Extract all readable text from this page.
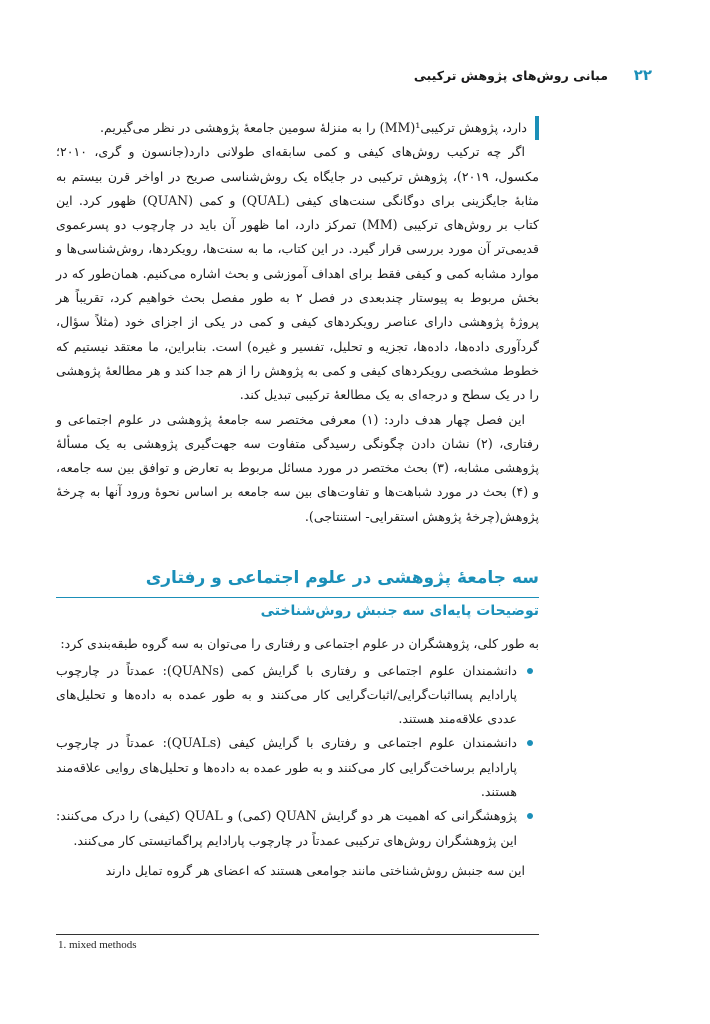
۲۲
مبانی روش‌های پژوهش ترکیبی

دارد، پژوهش ترکیبی¹(MM) را به منزلهٔ سومین جامعهٔ پژوهشی در نظر می‌گیریم.

اگر چه ترکیب روش‌های کیفی و کمی سابقه‌ای طولانی دارد(جانسون و گری، ۲۰۱۰؛ مکسول، ۲۰۱۹)، پژوهش ترکیبی در جایگاه یک روش‌شناسی صریح در اواخر قرن بیستم به مثابهٔ جایگزینی برای دوگانگی سنت‌های کیفی (QUAL) و کمی (QUAN) ظهور کرد. این کتاب بر روش‌های ترکیبی (MM) تمرکز دارد، اما ظهور آن باید در چارچوب دو پسرعموی قدیمی‌تر آن مورد بررسی قرار گیرد. در این کتاب، ما به سنت‌ها، رویکردها، روش‌شناسی‌ها و موارد مشابه کمی و کیفی فقط برای اهداف آموزشی و بحث اشاره می‌کنیم. همان‌طور که در بخش مربوط به پیوستار چندبعدی در فصل ۲ به طور مفصل بحث خواهیم کرد، تقریباً هر پروژهٔ پژوهشی دارای عناصر رویکردهای کیفی و کمی در یکی از اجزای خود (مثلاً سؤال، گردآوری داده‌ها، داده‌ها، تجزیه و تحلیل، تفسیر و غیره) است. بنابراین، ما معتقد نیستیم که خطوط مشخصی رویکردهای کیفی و کمی به پژوهش را از هم جدا کند و هر مطالعهٔ پژوهشی را در یک سطح و درجه‌ای به یک مطالعهٔ ترکیبی تبدیل کند.

این فصل چهار هدف دارد: (۱) معرفی مختصر سه جامعهٔ پژوهشی در علوم اجتماعی و رفتاری، (۲) نشان دادن چگونگی رسیدگی متفاوت سه جهت‌گیری پژوهشی به یک مسألهٔ پژوهشی مشابه، (۳) بحث مختصر در مورد مسائل مربوط به تعارض و توافق بین سه جامعه، و (۴) بحث در مورد شباهت‌ها و تفاوت‌های بین سه جامعه بر اساس نحوهٔ ورود آنها به چرخهٔ پژوهش(چرخهٔ پژوهش استقرایی- استنتاجی).

سه جامعهٔ پژوهشی در علوم اجتماعی و رفتاری
توضیحات پایه‌ای سه جنبش روش‌شناختی

به طور کلی، پژوهشگران در علوم اجتماعی و رفتاری را می‌توان به سه گروه طبقه‌بندی کرد:

دانشمندان علوم اجتماعی و رفتاری با گرایش کمی (QUANs): عمدتاً در چارچوب پارادایم پسااثبات‌گرایی/اثبات‌گرایی کار می‌کنند و به طور عمده به داده‌ها و تحلیل‌های عددی علاقه‌مند هستند.

دانشمندان علوم اجتماعی و رفتاری با گرایش کیفی (QUALs): عمدتاً در چارچوب پارادایم برساخت‌گرایی کار می‌کنند و به طور عمده به داده‌ها و تحلیل‌های روایی علاقه‌مند هستند.

پژوهشگرانی که اهمیت هر دو گرایش QUAN (کمی) و QUAL (کیفی) را درک می‌کنند: این پژوهشگران روش‌های ترکیبی عمدتاً در چارچوب پارادایم پراگماتیستی کار می‌کنند.

این سه جنبش روش‌شناختی مانند جوامعی هستند که اعضای هر گروه تمایل دارند

1. mixed methods
